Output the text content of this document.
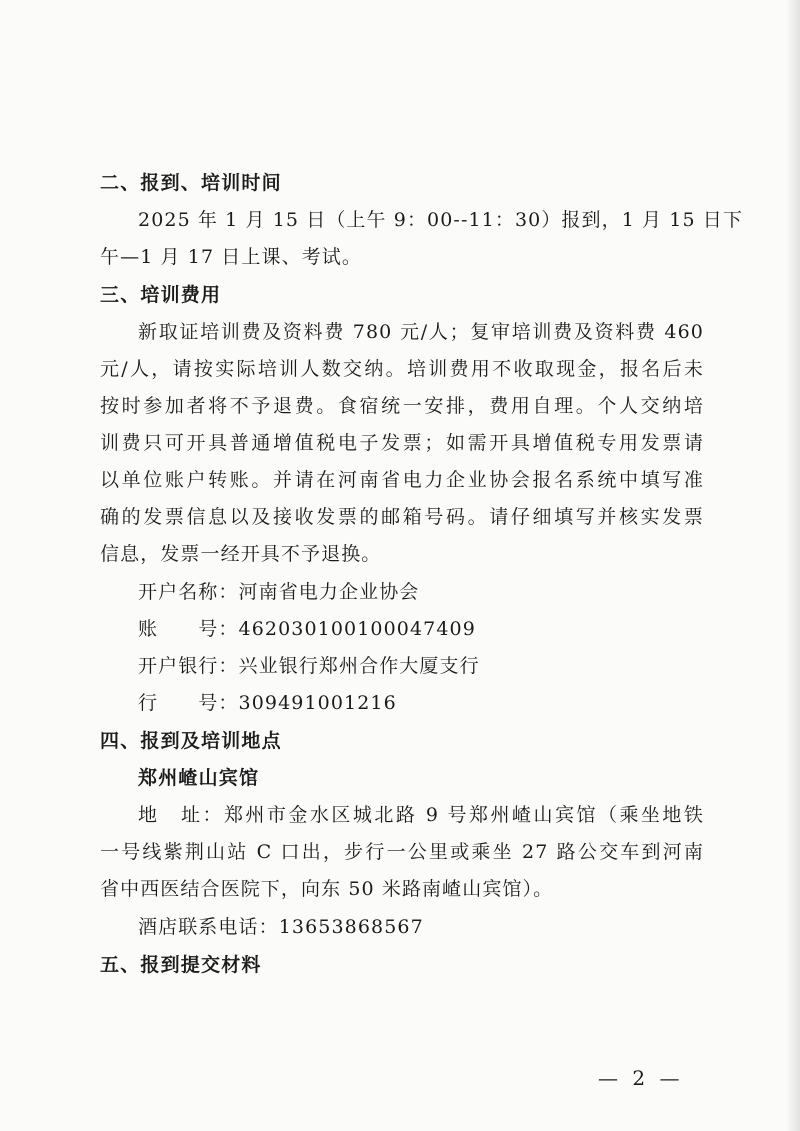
二、报到、培训时间
2025 年 1 月 15 日（上午 9：00--11：30）报到，1 月 15 日下
午—1 月 17 日上课、考试。
三、培训费用
新取证培训费及资料费 780 元/人；复审培训费及资料费 460
元/人，请按实际培训人数交纳。培训费用不收取现金，报名后未
按时参加者将不予退费。食宿统一安排，费用自理。个人交纳培
训费只可开具普通增值税电子发票；如需开具增值税专用发票请
以单位账户转账。并请在河南省电力企业协会报名系统中填写准
确的发票信息以及接收发票的邮箱号码。请仔细填写并核实发票
信息，发票一经开具不予退换。
开户名称：河南省电力企业协会
账　　号：462030100100047409
开户银行：兴业银行郑州合作大厦支行
行　　号：309491001216
四、报到及培训地点
郑州嵖山宾馆
地　址：郑州市金水区城北路 9 号郑州嵖山宾馆（乘坐地铁
一号线紫荆山站 C 口出，步行一公里或乘坐 27 路公交车到河南
省中西医结合医院下，向东 50 米路南嵖山宾馆）。
酒店联系电话：13653868567
五、报到提交材料
— 2 —
